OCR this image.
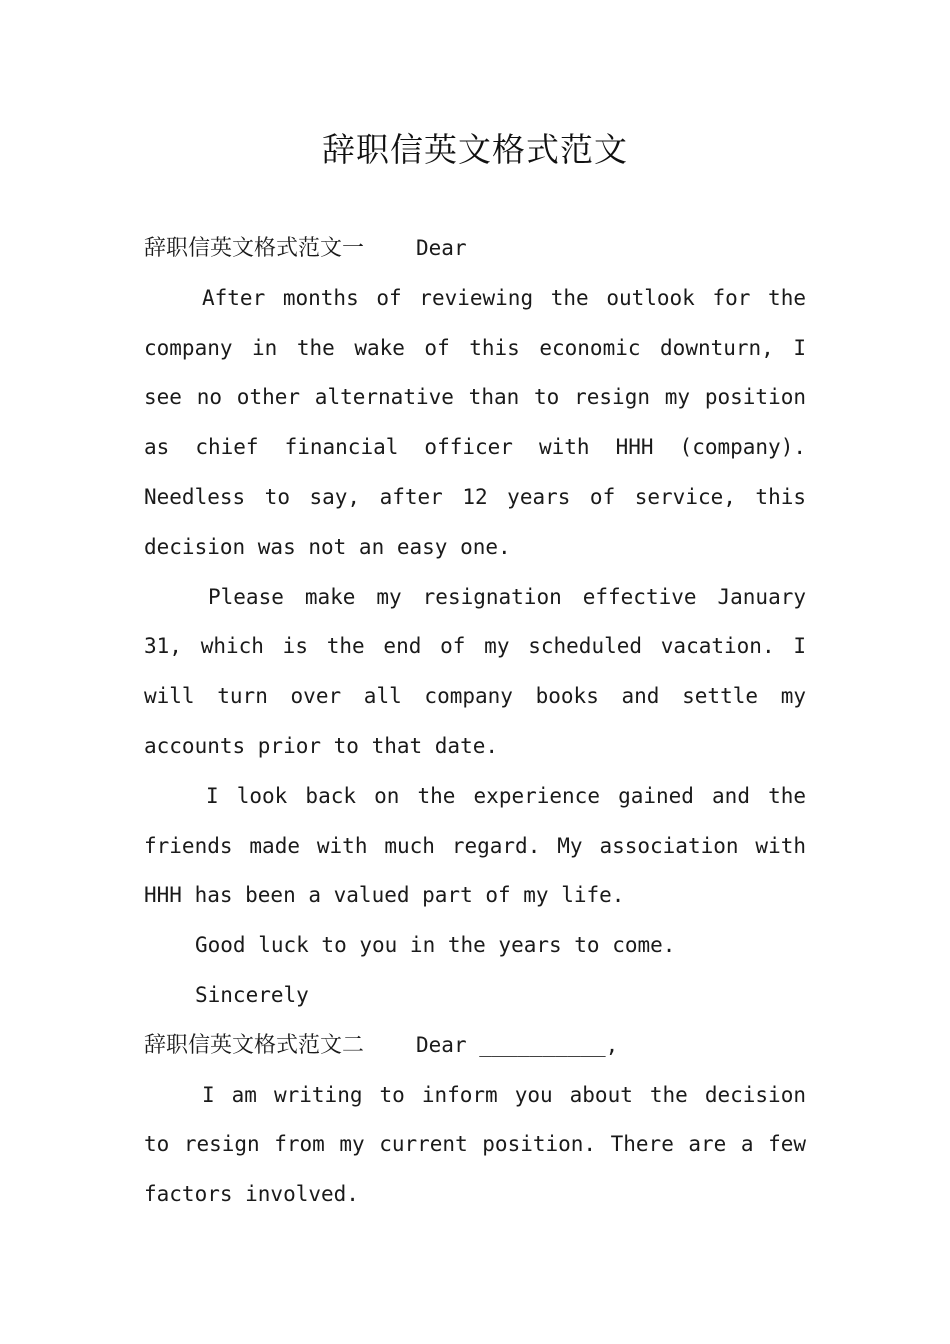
辞职信英文格式范文
辞职信英文格式范文一 Dear
After months of reviewing the outlook for the
company in the wake of this economic downturn, I
see no other alternative than to resign my position
as chief financial officer with HHH (company).
Needless to say, after 12 years of service, this
decision was not an easy one.
Please make my resignation effective January
31, which is the end of my scheduled vacation. I
will turn over all company books and settle my
accounts prior to that date.
I look back on the experience gained and the
friends made with much regard. My association with
HHH has been a valued part of my life.
Good luck to you in the years to come.
Sincerely
辞职信英文格式范文二 Dear __________,
I am writing to inform you about the decision
to resign from my current position. There are a few
factors involved.
